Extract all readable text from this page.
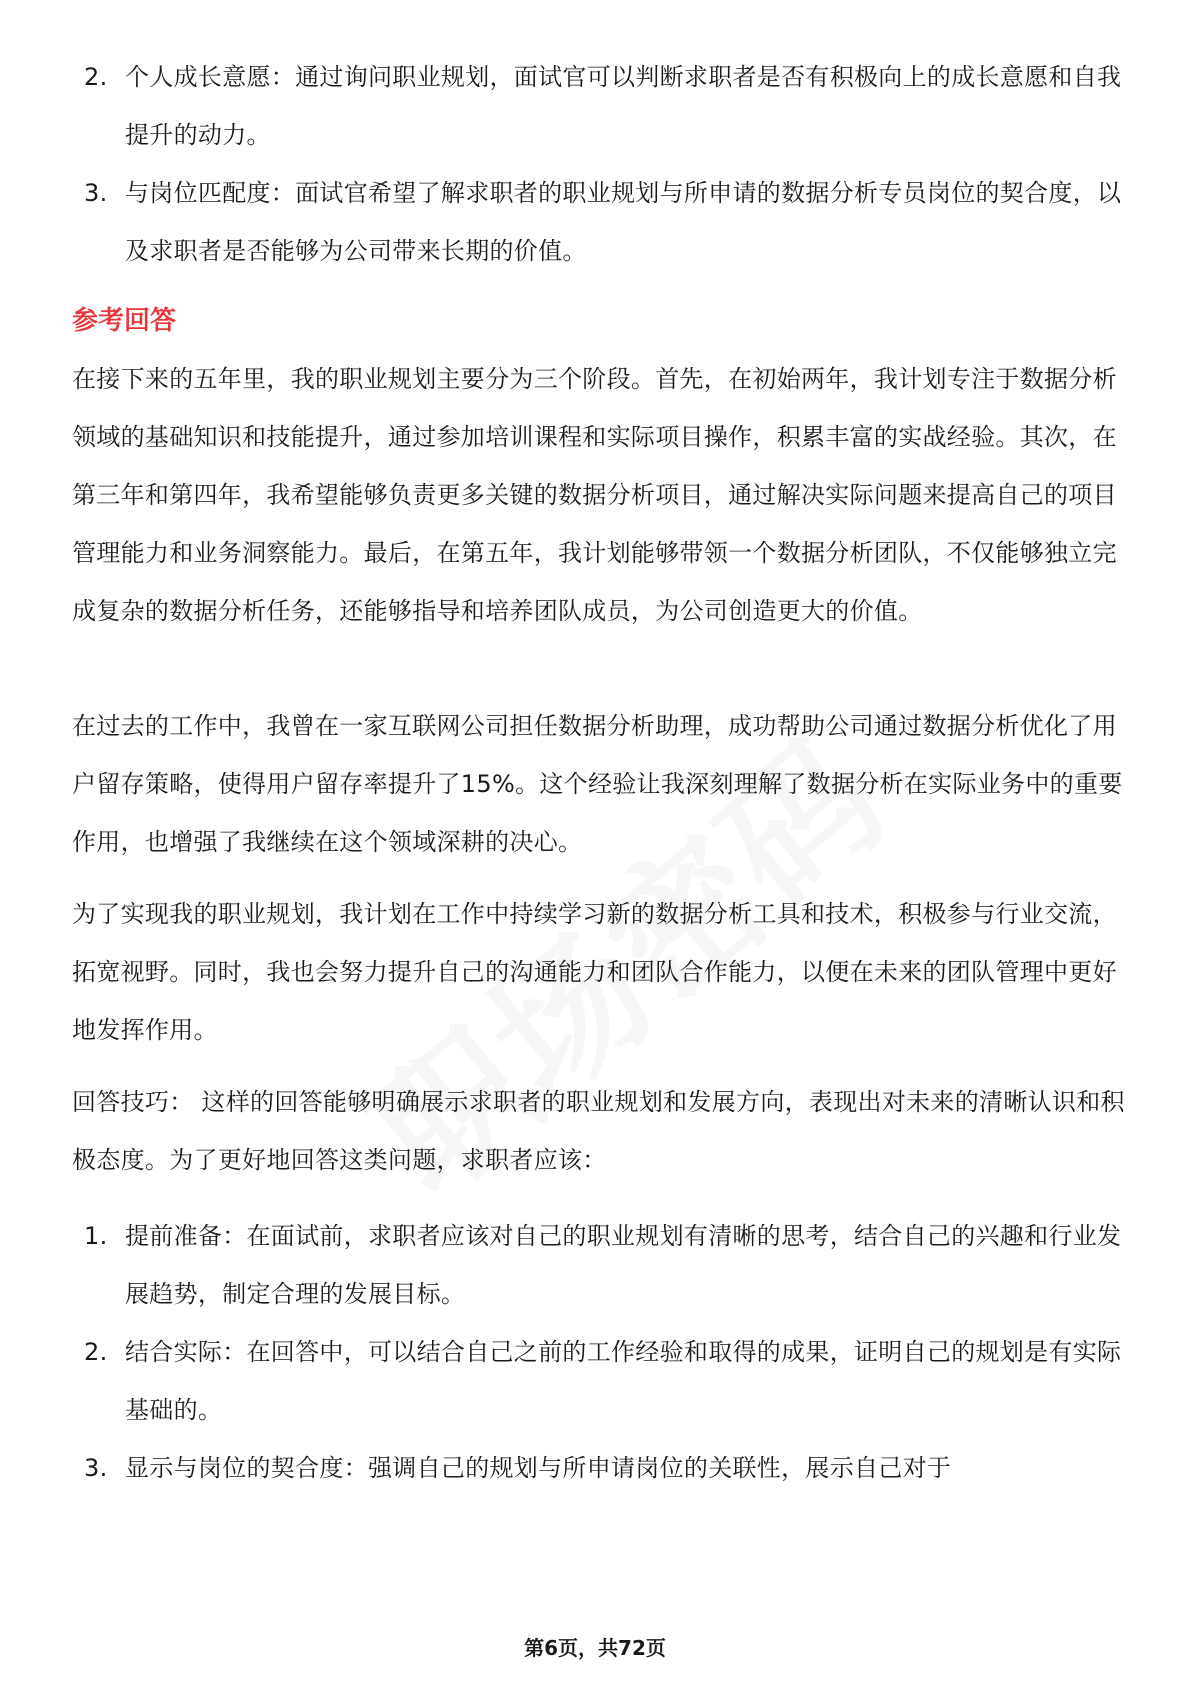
2. 个人成长意愿：通过询问职业规划，面试官可以判断求职者是否有积极向上的成长意愿和自我提升的动力。
3. 与岗位匹配度：面试官希望了解求职者的职业规划与所申请的数据分析专员岗位的契合度，以及求职者是否能够为公司带来长期的价值。
参考回答

在接下来的五年里，我的职业规划主要分为三个阶段。首先，在初始两年，我计划专注于数据分析领域的基础知识和技能提升，通过参加培训课程和实际项目操作，积累丰富的实战经验。其次，在第三年和第四年，我希望能够负责更多关键的数据分析项目，通过解决实际问题来提高自己的项目管理能力和业务洞察能力。最后，在第五年，我计划能够带领一个数据分析团队，不仅能够独立完成复杂的数据分析任务，还能够指导和培养团队成员，为公司创造更大的价值。

在过去的工作中，我曾在一家互联网公司担任数据分析助理，成功帮助公司通过数据分析优化了用户留存策略，使得用户留存率提升了15%。这个经验让我深刻理解了数据分析在实际业务中的重要作用，也增强了我继续在这个领域深耕的决心。

为了实现我的职业规划，我计划在工作中持续学习新的数据分析工具和技术，积极参与行业交流，拓宽视野。同时，我也会努力提升自己的沟通能力和团队合作能力，以便在未来的团队管理中更好地发挥作用。

回答技巧： 这样的回答能够明确展示求职者的职业规划和发展方向，表现出对未来的清晰认识和积极态度。为了更好地回答这类问题，求职者应该：

1. 提前准备：在面试前，求职者应该对自己的职业规划有清晰的思考，结合自己的兴趣和行业发展趋势，制定合理的发展目标。
2. 结合实际：在回答中，可以结合自己之前的工作经验和取得的成果，证明自己的规划是有实际基础的。
3. 显示与岗位的契合度：强调自己的规划与所申请岗位的关联性，展示自己对于
第6页，共72页
